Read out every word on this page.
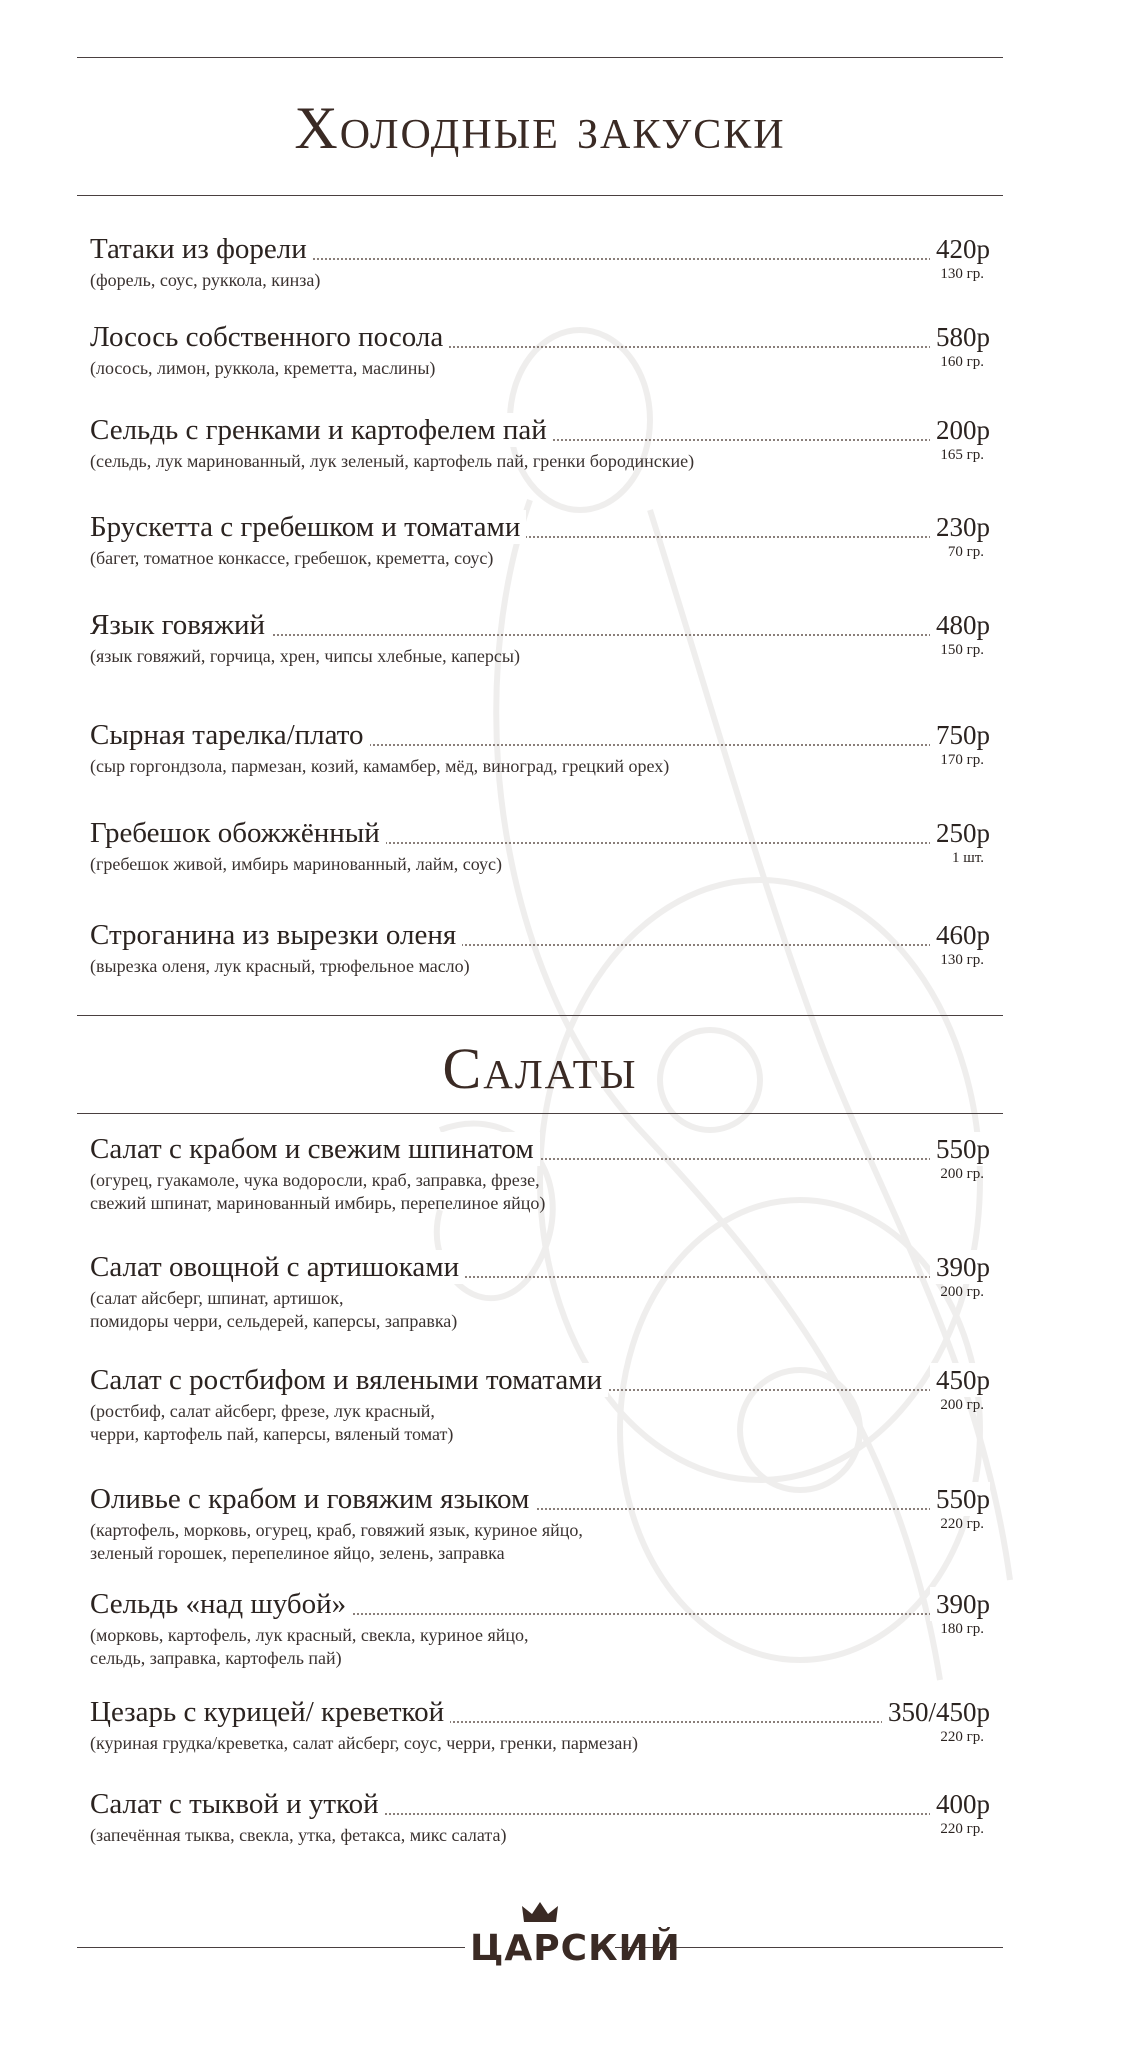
Холодные закуски
Татаки из форели	420р
130 гр.
(форель, соус, руккола, кинза)
Лосось собственного посола	580р
160 гр.
(лосось, лимон, руккола, креметта, маслины)
Сельдь с гренками и картофелем пай	200р
165 гр.
(сельдь, лук маринованный, лук зеленый, картофель пай, гренки бородинские)
Брускетта с гребешком и томатами	230р
70 гр.
(багет, томатное конкассе, гребешок, креметта, соус)
Язык говяжий	480р
150 гр.
(язык говяжий, горчица, хрен, чипсы хлебные, каперсы)
Сырная тарелка/плато	750р
170 гр.
(сыр горгондзола, пармезан, козий, камамбер, мёд, виноград, грецкий орех)
Гребешок обожжённый	250р
1 шт.
(гребешок живой, имбирь маринованный, лайм, соус)
Строганина из вырезки оленя	460р
130 гр.
(вырезка оленя, лук красный, трюфельное масло)
Салаты
Салат с крабом и свежим шпинатом	550р
200 гр.
(огурец, гуакамоле, чука водоросли, краб, заправка, фрезе,
свежий шпинат, маринованный имбирь, перепелиное яйцо)
Салат овощной с артишоками	390р
200 гр.
(салат айсберг, шпинат, артишок,
помидоры черри, сельдерей, каперсы, заправка)
Салат с ростбифом и вялеными томатами	450р
200 гр.
(ростбиф, салат айсберг, фрезе, лук красный,
черри, картофель пай, каперсы, вяленый томат)
Оливье с крабом и говяжим языком	550р
220 гр.
(картофель, морковь, огурец, краб, говяжий язык, куриное яйцо,
зеленый горошек, перепелиное яйцо, зелень, заправка
Сельдь «над шубой»	390р
180 гр.
(морковь, картофель, лук красный, свекла, куриное яйцо,
сельдь, заправка, картофель пай)
Цезарь с курицей/ креветкой	350/450р
220 гр.
(куриная грудка/креветка, салат айсберг, соус, черри, гренки, пармезан)
Салат с тыквой и уткой	400р
220 гр.
(запечённая тыква, свекла, утка, фетакса, микс салата)
ЦАРСКИЙ
